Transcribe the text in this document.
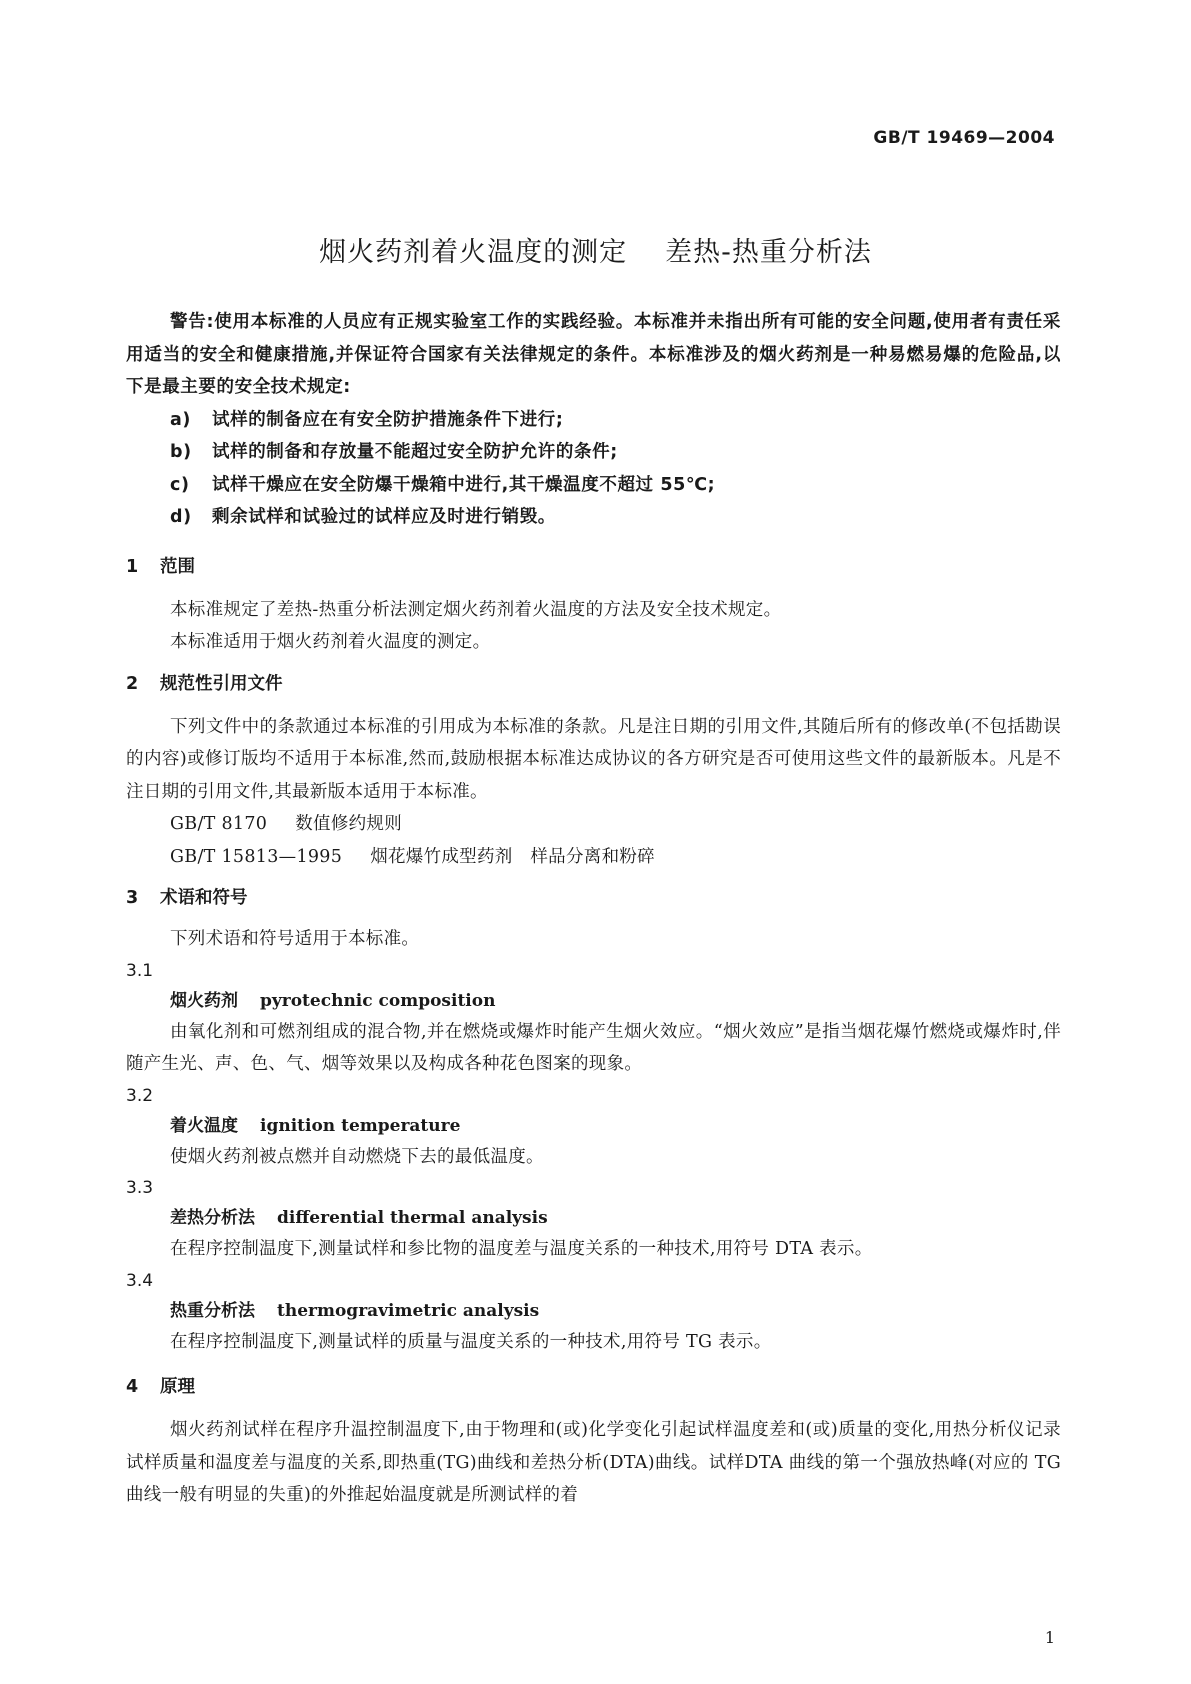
GB/T 19469—2004
烟火药剂着火温度的测定 差热-热重分析法

警告:使用本标准的人员应有正规实验室工作的实践经验。本标准并未指出所有可能的安全问题,使用者有责任采用适当的安全和健康措施,并保证符合国家有关法律规定的条件。本标准涉及的烟火药剂是一种易燃易爆的危险品,以下是最主要的安全技术规定:

a) 试样的制备应在有安全防护措施条件下进行;

b) 试样的制备和存放量不能超过安全防护允许的条件;

c) 试样干燥应在安全防爆干燥箱中进行,其干燥温度不超过 55℃;

d) 剩余试样和试验过的试样应及时进行销毁。

1 范围

本标准规定了差热-热重分析法测定烟火药剂着火温度的方法及安全技术规定。

本标准适用于烟火药剂着火温度的测定。

2 规范性引用文件

下列文件中的条款通过本标准的引用成为本标准的条款。凡是注日期的引用文件,其随后所有的修改单(不包括勘误的内容)或修订版均不适用于本标准,然而,鼓励根据本标准达成协议的各方研究是否可使用这些文件的最新版本。凡是不注日期的引用文件,其最新版本适用于本标准。

GB/T 8170 数值修约规则

GB/T 15813—1995 烟花爆竹成型药剂　样品分离和粉碎

3 术语和符号

下列术语和符号适用于本标准。

3.1

烟火药剂 pyrotechnic composition

由氧化剂和可燃剂组成的混合物,并在燃烧或爆炸时能产生烟火效应。“烟火效应”是指当烟花爆竹燃烧或爆炸时,伴随产生光、声、色、气、烟等效果以及构成各种花色图案的现象。

3.2

着火温度 ignition temperature

使烟火药剂被点燃并自动燃烧下去的最低温度。

3.3

差热分析法 differential thermal analysis

在程序控制温度下,测量试样和参比物的温度差与温度关系的一种技术,用符号 DTA 表示。

3.4

热重分析法 thermogravimetric analysis

在程序控制温度下,测量试样的质量与温度关系的一种技术,用符号 TG 表示。

4 原理

烟火药剂试样在程序升温控制温度下,由于物理和(或)化学变化引起试样温度差和(或)质量的变化,用热分析仪记录试样质量和温度差与温度的关系,即热重(TG)曲线和差热分析(DTA)曲线。试样DTA 曲线的第一个强放热峰(对应的 TG 曲线一般有明显的失重)的外推起始温度就是所测试样的着

1
